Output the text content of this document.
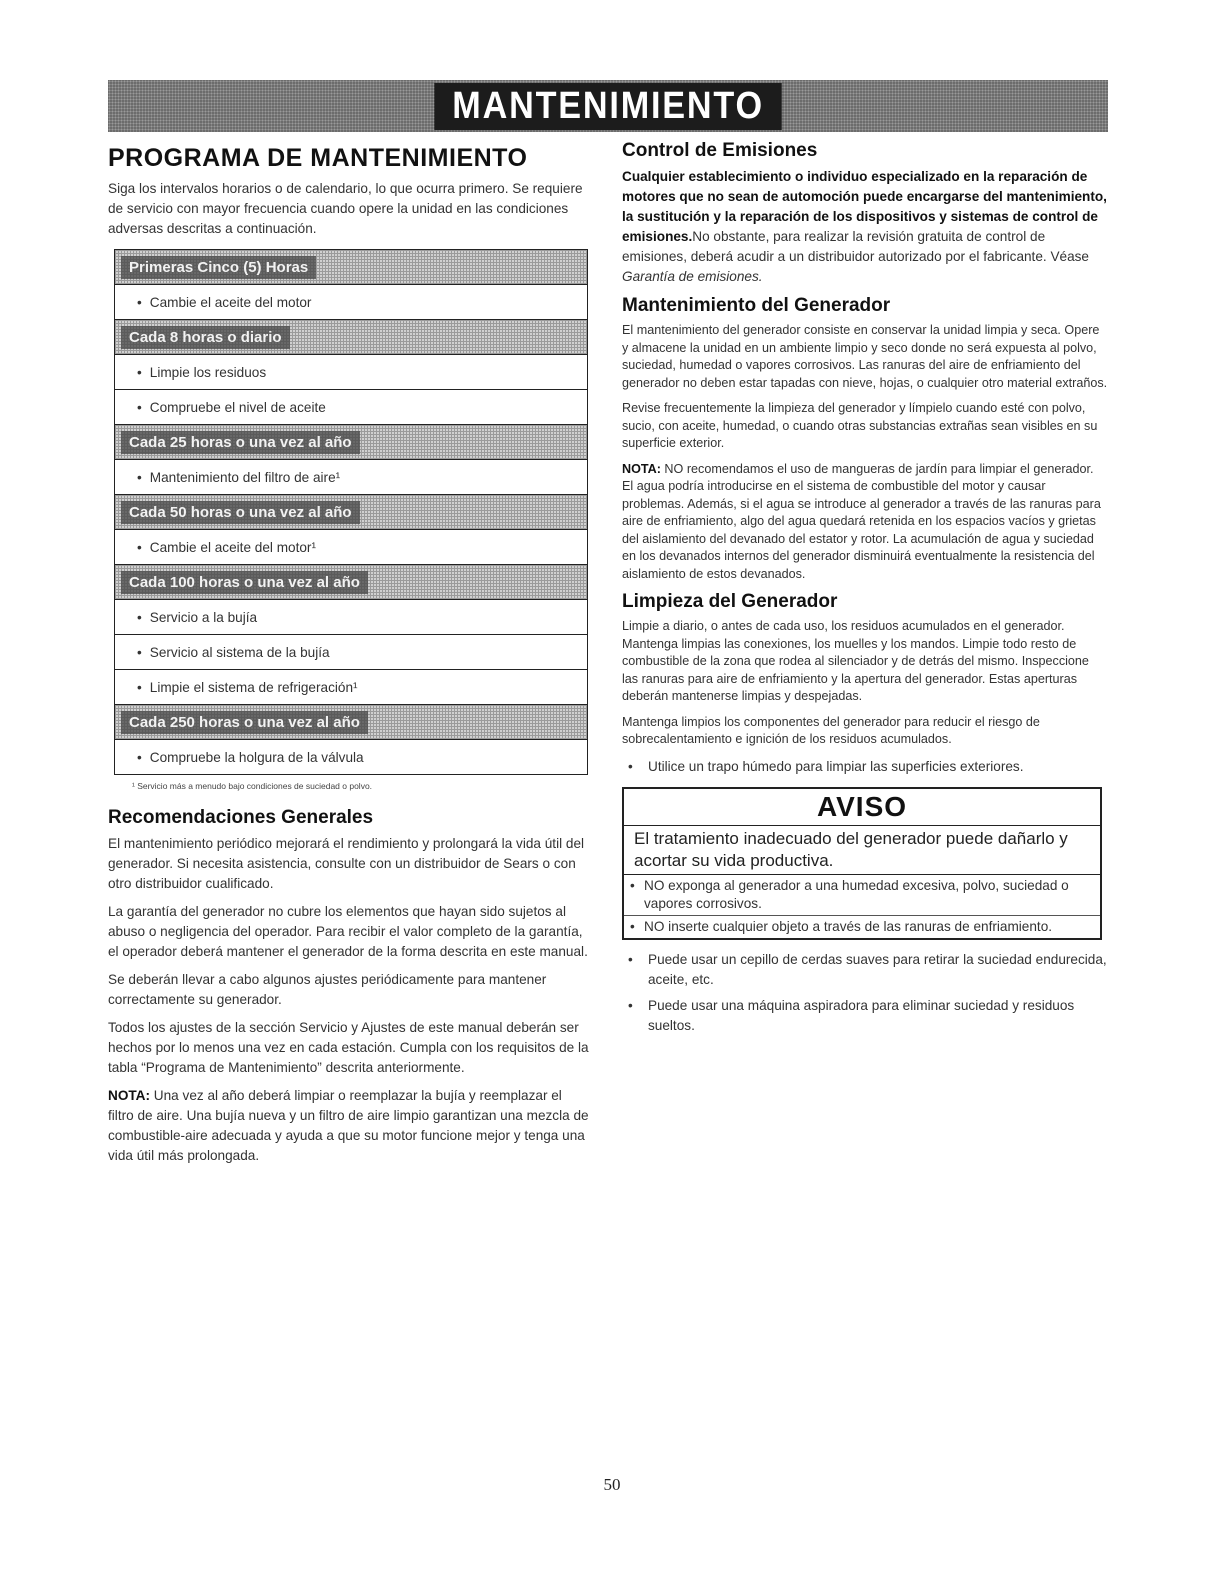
MANTENIMIENTO
PROGRAMA DE MANTENIMIENTO

Siga los intervalos horarios o de calendario, lo que ocurra primero. Se requiere de servicio con mayor frecuencia cuando opere la unidad en las condiciones adversas descritas a continuación.

Primeras Cinco (5) Horas
• Cambie el aceite del motor
Cada 8 horas o diario
• Limpie los residuos
• Compruebe el nivel de aceite
Cada 25 horas o una vez al año
• Mantenimiento del filtro de aire¹
Cada 50 horas o una vez al año
• Cambie el aceite del motor¹
Cada 100 horas o una vez al año
• Servicio a la bujía
• Servicio al sistema de la bujía
• Limpie el sistema de refrigeración¹
Cada 250 horas o una vez al año
• Compruebe la holgura de la válvula
¹ Servicio más a menudo bajo condiciones de suciedad o polvo.
Recomendaciones Generales

El mantenimiento periódico mejorará el rendimiento y prolongará la vida útil del generador. Si necesita asistencia, consulte con un distribuidor de Sears o con otro distribuidor cualificado.

La garantía del generador no cubre los elementos que hayan sido sujetos al abuso o negligencia del operador. Para recibir el valor completo de la garantía, el operador deberá mantener el generador de la forma descrita en este manual.

Se deberán llevar a cabo algunos ajustes periódicamente para mantener correctamente su generador.

Todos los ajustes de la sección Servicio y Ajustes de este manual deberán ser hechos por lo menos una vez en cada estación. Cumpla con los requisitos de la tabla “Programa de Mantenimiento” descrita anteriormente.

NOTA: Una vez al año deberá limpiar o reemplazar la bujía y reemplazar el filtro de aire. Una bujía nueva y un filtro de aire limpio garantizan una mezcla de combustible-aire adecuada y ayuda a que su motor funcione mejor y tenga una vida útil más prolongada.

Control de Emisiones

Cualquier establecimiento o individuo especializado en la reparación de motores que no sean de automoción puede encargarse del mantenimiento, la sustitución y la reparación de los dispositivos y sistemas de control de emisiones.No obstante, para realizar la revisión gratuita de control de emisiones, deberá acudir a un distribuidor autorizado por el fabricante. Véase Garantía de emisiones.

Mantenimiento del Generador

El mantenimiento del generador consiste en conservar la unidad limpia y seca. Opere y almacene la unidad en un ambiente limpio y seco donde no será expuesta al polvo, suciedad, humedad o vapores corrosivos. Las ranuras del aire de enfriamiento del generador no deben estar tapadas con nieve, hojas, o cualquier otro material extraños.

Revise frecuentemente la limpieza del generador y límpielo cuando esté con polvo, sucio, con aceite, humedad, o cuando otras substancias extrañas sean visibles en su superficie exterior.

NOTA: NO recomendamos el uso de mangueras de jardín para limpiar el generador. El agua podría introducirse en el sistema de combustible del motor y causar problemas. Además, si el agua se introduce al generador a través de las ranuras para aire de enfriamiento, algo del agua quedará retenida en los espacios vacíos y grietas del aislamiento del devanado del estator y rotor. La acumulación de agua y suciedad en los devanados internos del generador disminuirá eventualmente la resistencia del aislamiento de estos devanados.

Limpieza del Generador

Limpie a diario, o antes de cada uso, los residuos acumulados en el generador. Mantenga limpias las conexiones, los muelles y los mandos. Limpie todo resto de combustible de la zona que rodea al silenciador y de detrás del mismo. Inspeccione las ranuras para aire de enfriamiento y la apertura del generador. Estas aperturas deberán mantenerse limpias y despejadas.

Mantenga limpios los componentes del generador para reducir el riesgo de sobrecalentamiento e ignición de los residuos acumulados.

• Utilice un trapo húmedo para limpiar las superficies exteriores.
AVISO
El tratamiento inadecuado del generador puede dañarlo y acortar su vida productiva.
• NO exponga al generador a una humedad excesiva, polvo, suciedad o vapores corrosivos.
• NO inserte cualquier objeto a través de las ranuras de enfriamiento.
• Puede usar un cepillo de cerdas suaves para retirar la suciedad endurecida, aceite, etc.
• Puede usar una máquina aspiradora para eliminar suciedad y residuos sueltos.
50
